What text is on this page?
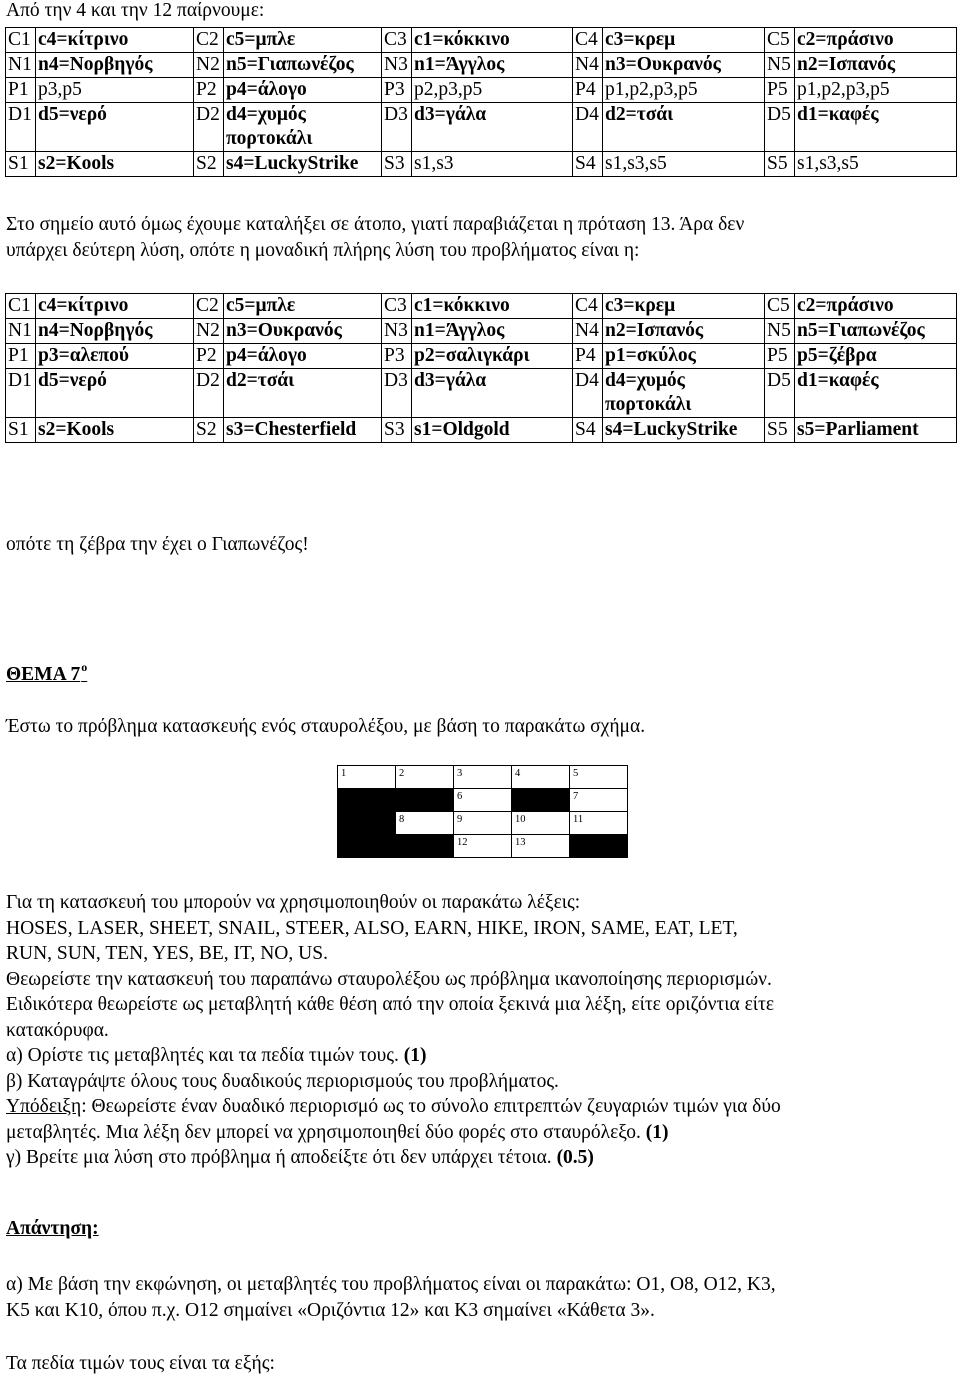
Από την 4 και την 12 παίρνουμε:
C1	c4=κίτρινο	C2	c5=μπλε	C3	c1=κόκκινο	C4	c3=κρεμ	C5	c2=πράσινο
N1	n4=Νορβηγός	N2	n5=Γιαπωνέζος	N3	n1=Άγγλος	N4	n3=Ουκρανός	N5	n2=Ισπανός
P1	p3,p5	P2	p4=άλογο	P3	p2,p3,p5	P4	p1,p2,p3,p5	P5	p1,p2,p3,p5
D1	d5=νερό	D2	d4=χυμός πορτοκάλι	D3	d3=γάλα	D4	d2=τσάι	D5	d1=καφές
S1	s2=Kools	S2	s4=LuckyStrike	S3	s1,s3	S4	s1,s3,s5	S5	s1,s3,s5
Στο σημείο αυτό όμως έχουμε καταλήξει σε άτοπο, γιατί παραβιάζεται η πρόταση 13. Άρα δεν
υπάρχει δεύτερη λύση, οπότε η μοναδική πλήρης λύση του προβλήματος είναι η:
C1	c4=κίτρινο	C2	c5=μπλε	C3	c1=κόκκινο	C4	c3=κρεμ	C5	c2=πράσινο
N1	n4=Νορβηγός	N2	n3=Ουκρανός	N3	n1=Άγγλος	N4	n2=Ισπανός	N5	n5=Γιαπωνέζος
P1	p3=αλεπού	P2	p4=άλογο	P3	p2=σαλιγκάρι	P4	p1=σκύλος	P5	p5=ζέβρα
D1	d5=νερό	D2	d2=τσάι	D3	d3=γάλα	D4	d4=χυμός πορτοκάλι	D5	d1=καφές
S1	s2=Kools	S2	s3=Chesterfield	S3	s1=Oldgold	S4	s4=LuckyStrike	S5	s5=Parliament
οπότε τη ζέβρα την έχει ο Γιαπωνέζος!
ΘΕΜΑ $7^o$
Έστω το πρόβλημα κατασκευής ενός σταυρολέξου, με βάση το παρακάτω σχήμα.
1	2	3	4	5
		6		7
	8	9	10	11
		12	13	
Για τη κατασκευή του μπορούν να χρησιμοποιηθούν οι παρακάτω λέξεις:
HOSES, LASER, SHEET, SNAIL, STEER, ALSO, EARN, HIKE, IRON, SAME, EAT, LET,
RUN, SUN, TEN, YES, BE, IT, NO, US.
Θεωρείστε την κατασκευή του παραπάνω σταυρολέξου ως πρόβλημα ικανοποίησης περιορισμών.
Ειδικότερα θεωρείστε ως μεταβλητή κάθε θέση από την οποία ξεκινά μια λέξη, είτε οριζόντια είτε
κατακόρυφα.
α) Ορίστε τις μεταβλητές και τα πεδία τιμών τους. (1)
β) Καταγράψτε όλους τους δυαδικούς περιορισμούς του προβλήματος.
Υπόδειξη: Θεωρείστε έναν δυαδικό περιορισμό ως το σύνολο επιτρεπτών ζευγαριών τιμών για δύο
μεταβλητές. Μια λέξη δεν μπορεί να χρησιμοποιηθεί δύο φορές στο σταυρόλεξο. (1)
γ) Βρείτε μια λύση στο πρόβλημα ή αποδείξτε ότι δεν υπάρχει τέτοια. (0.5)
Απάντηση:
α) Με βάση την εκφώνηση, οι μεταβλητές του προβλήματος είναι οι παρακάτω: O1, O8, O12, K3,
K5 και K10, όπου π.χ. O12 σημαίνει «Οριζόντια 12» και K3 σημαίνει «Κάθετα 3».
Τα πεδία τιμών τους είναι τα εξής:
